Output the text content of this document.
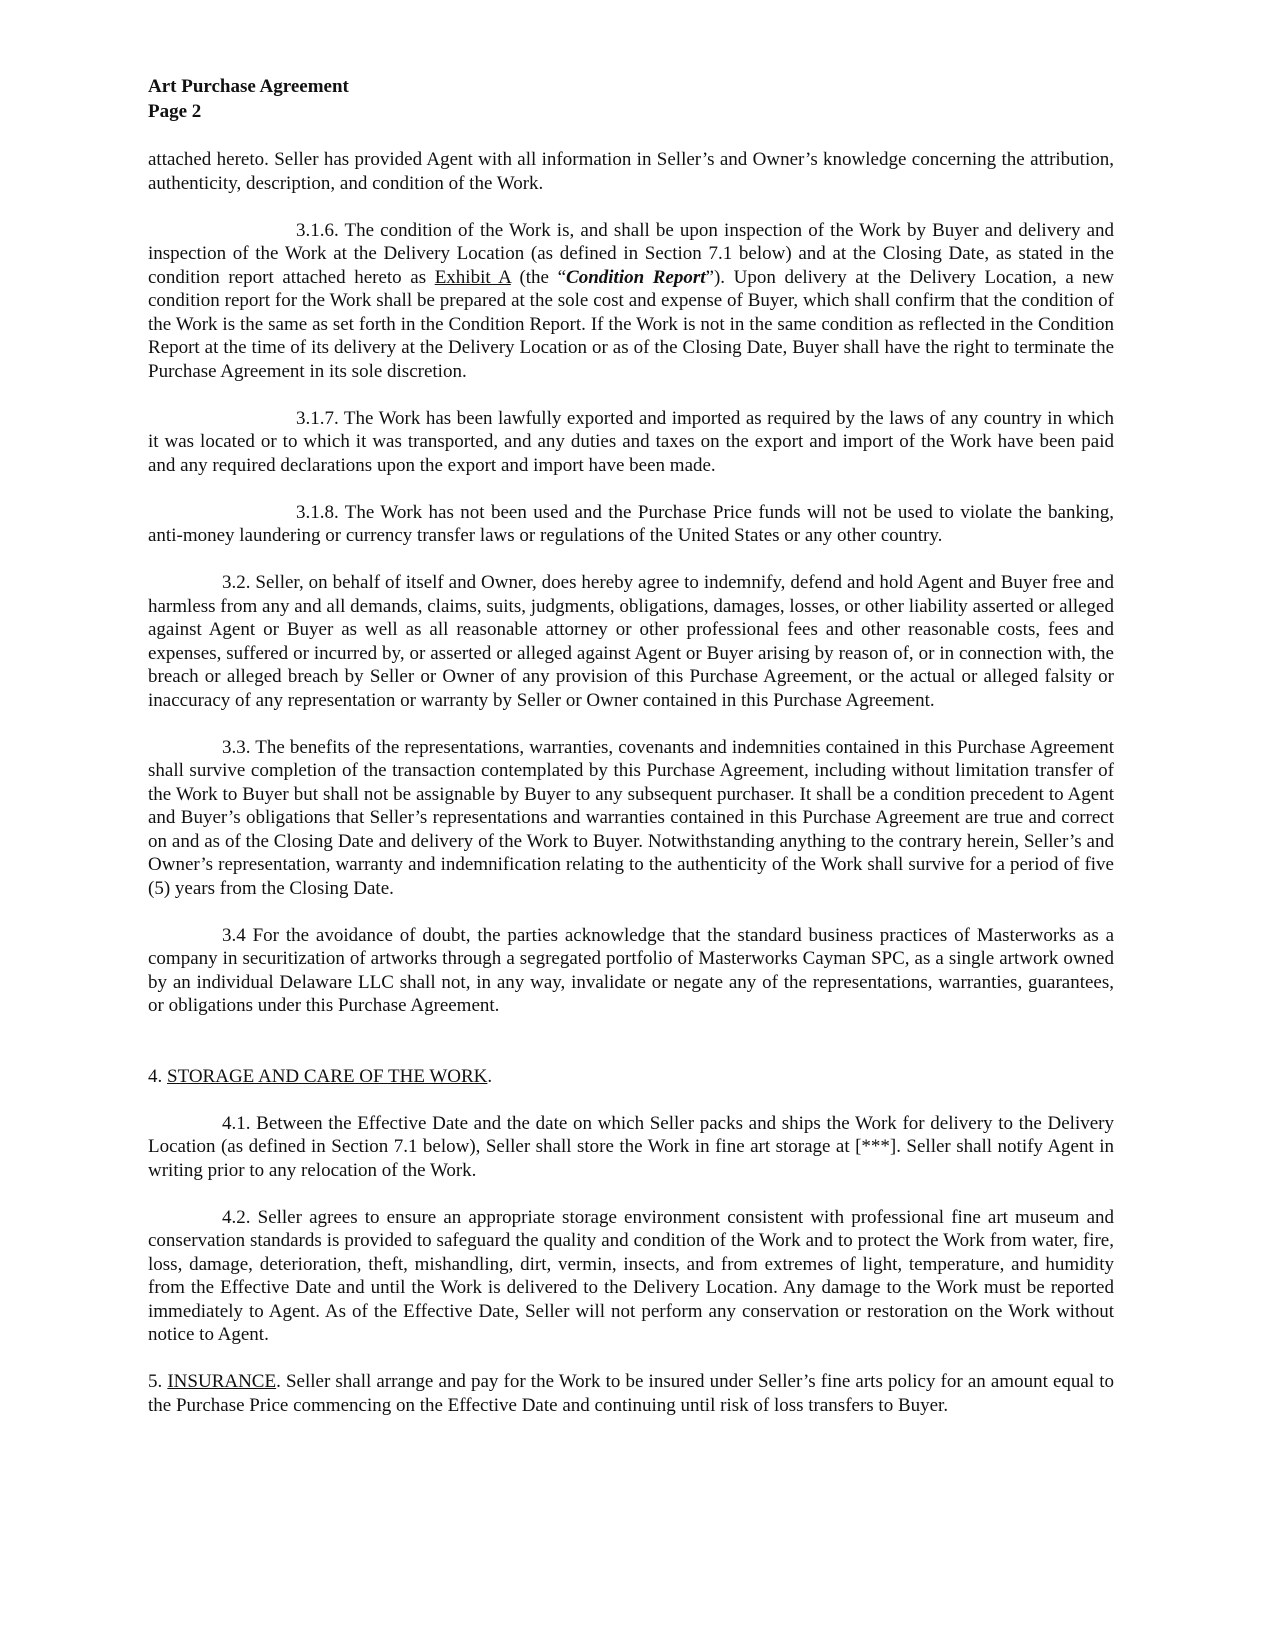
Art Purchase Agreement
Page 2

attached hereto. Seller has provided Agent with all information in Seller’s and Owner’s knowledge concerning the attribution, authenticity, description, and condition of the Work.

3.1.6. The condition of the Work is, and shall be upon inspection of the Work by Buyer and delivery and inspection of the Work at the Delivery Location (as defined in Section 7.1 below) and at the Closing Date, as stated in the condition report attached hereto as Exhibit A (the “Condition Report”). Upon delivery at the Delivery Location, a new condition report for the Work shall be prepared at the sole cost and expense of Buyer, which shall confirm that the condition of the Work is the same as set forth in the Condition Report. If the Work is not in the same condition as reflected in the Condition Report at the time of its delivery at the Delivery Location or as of the Closing Date, Buyer shall have the right to terminate the Purchase Agreement in its sole discretion.

3.1.7. The Work has been lawfully exported and imported as required by the laws of any country in which it was located or to which it was transported, and any duties and taxes on the export and import of the Work have been paid and any required declarations upon the export and import have been made.

3.1.8. The Work has not been used and the Purchase Price funds will not be used to violate the banking, anti-money laundering or currency transfer laws or regulations of the United States or any other country.

3.2. Seller, on behalf of itself and Owner, does hereby agree to indemnify, defend and hold Agent and Buyer free and harmless from any and all demands, claims, suits, judgments, obligations, damages, losses, or other liability asserted or alleged against Agent or Buyer as well as all reasonable attorney or other professional fees and other reasonable costs, fees and expenses, suffered or incurred by, or asserted or alleged against Agent or Buyer arising by reason of, or in connection with, the breach or alleged breach by Seller or Owner of any provision of this Purchase Agreement, or the actual or alleged falsity or inaccuracy of any representation or warranty by Seller or Owner contained in this Purchase Agreement.

3.3. The benefits of the representations, warranties, covenants and indemnities contained in this Purchase Agreement shall survive completion of the transaction contemplated by this Purchase Agreement, including without limitation transfer of the Work to Buyer but shall not be assignable by Buyer to any subsequent purchaser. It shall be a condition precedent to Agent and Buyer’s obligations that Seller’s representations and warranties contained in this Purchase Agreement are true and correct on and as of the Closing Date and delivery of the Work to Buyer. Notwithstanding anything to the contrary herein, Seller’s and Owner’s representation, warranty and indemnification relating to the authenticity of the Work shall survive for a period of five (5) years from the Closing Date.

3.4 For the avoidance of doubt, the parties acknowledge that the standard business practices of Masterworks as a company in securitization of artworks through a segregated portfolio of Masterworks Cayman SPC, as a single artwork owned by an individual Delaware LLC shall not, in any way, invalidate or negate any of the representations, warranties, guarantees, or obligations under this Purchase Agreement.

4. STORAGE AND CARE OF THE WORK.

4.1. Between the Effective Date and the date on which Seller packs and ships the Work for delivery to the Delivery Location (as defined in Section 7.1 below), Seller shall store the Work in fine art storage at [***]. Seller shall notify Agent in writing prior to any relocation of the Work.

4.2. Seller agrees to ensure an appropriate storage environment consistent with professional fine art museum and conservation standards is provided to safeguard the quality and condition of the Work and to protect the Work from water, fire, loss, damage, deterioration, theft, mishandling, dirt, vermin, insects, and from extremes of light, temperature, and humidity from the Effective Date and until the Work is delivered to the Delivery Location. Any damage to the Work must be reported immediately to Agent. As of the Effective Date, Seller will not perform any conservation or restoration on the Work without notice to Agent.

5. INSURANCE. Seller shall arrange and pay for the Work to be insured under Seller’s fine arts policy for an amount equal to the Purchase Price commencing on the Effective Date and continuing until risk of loss transfers to Buyer.
